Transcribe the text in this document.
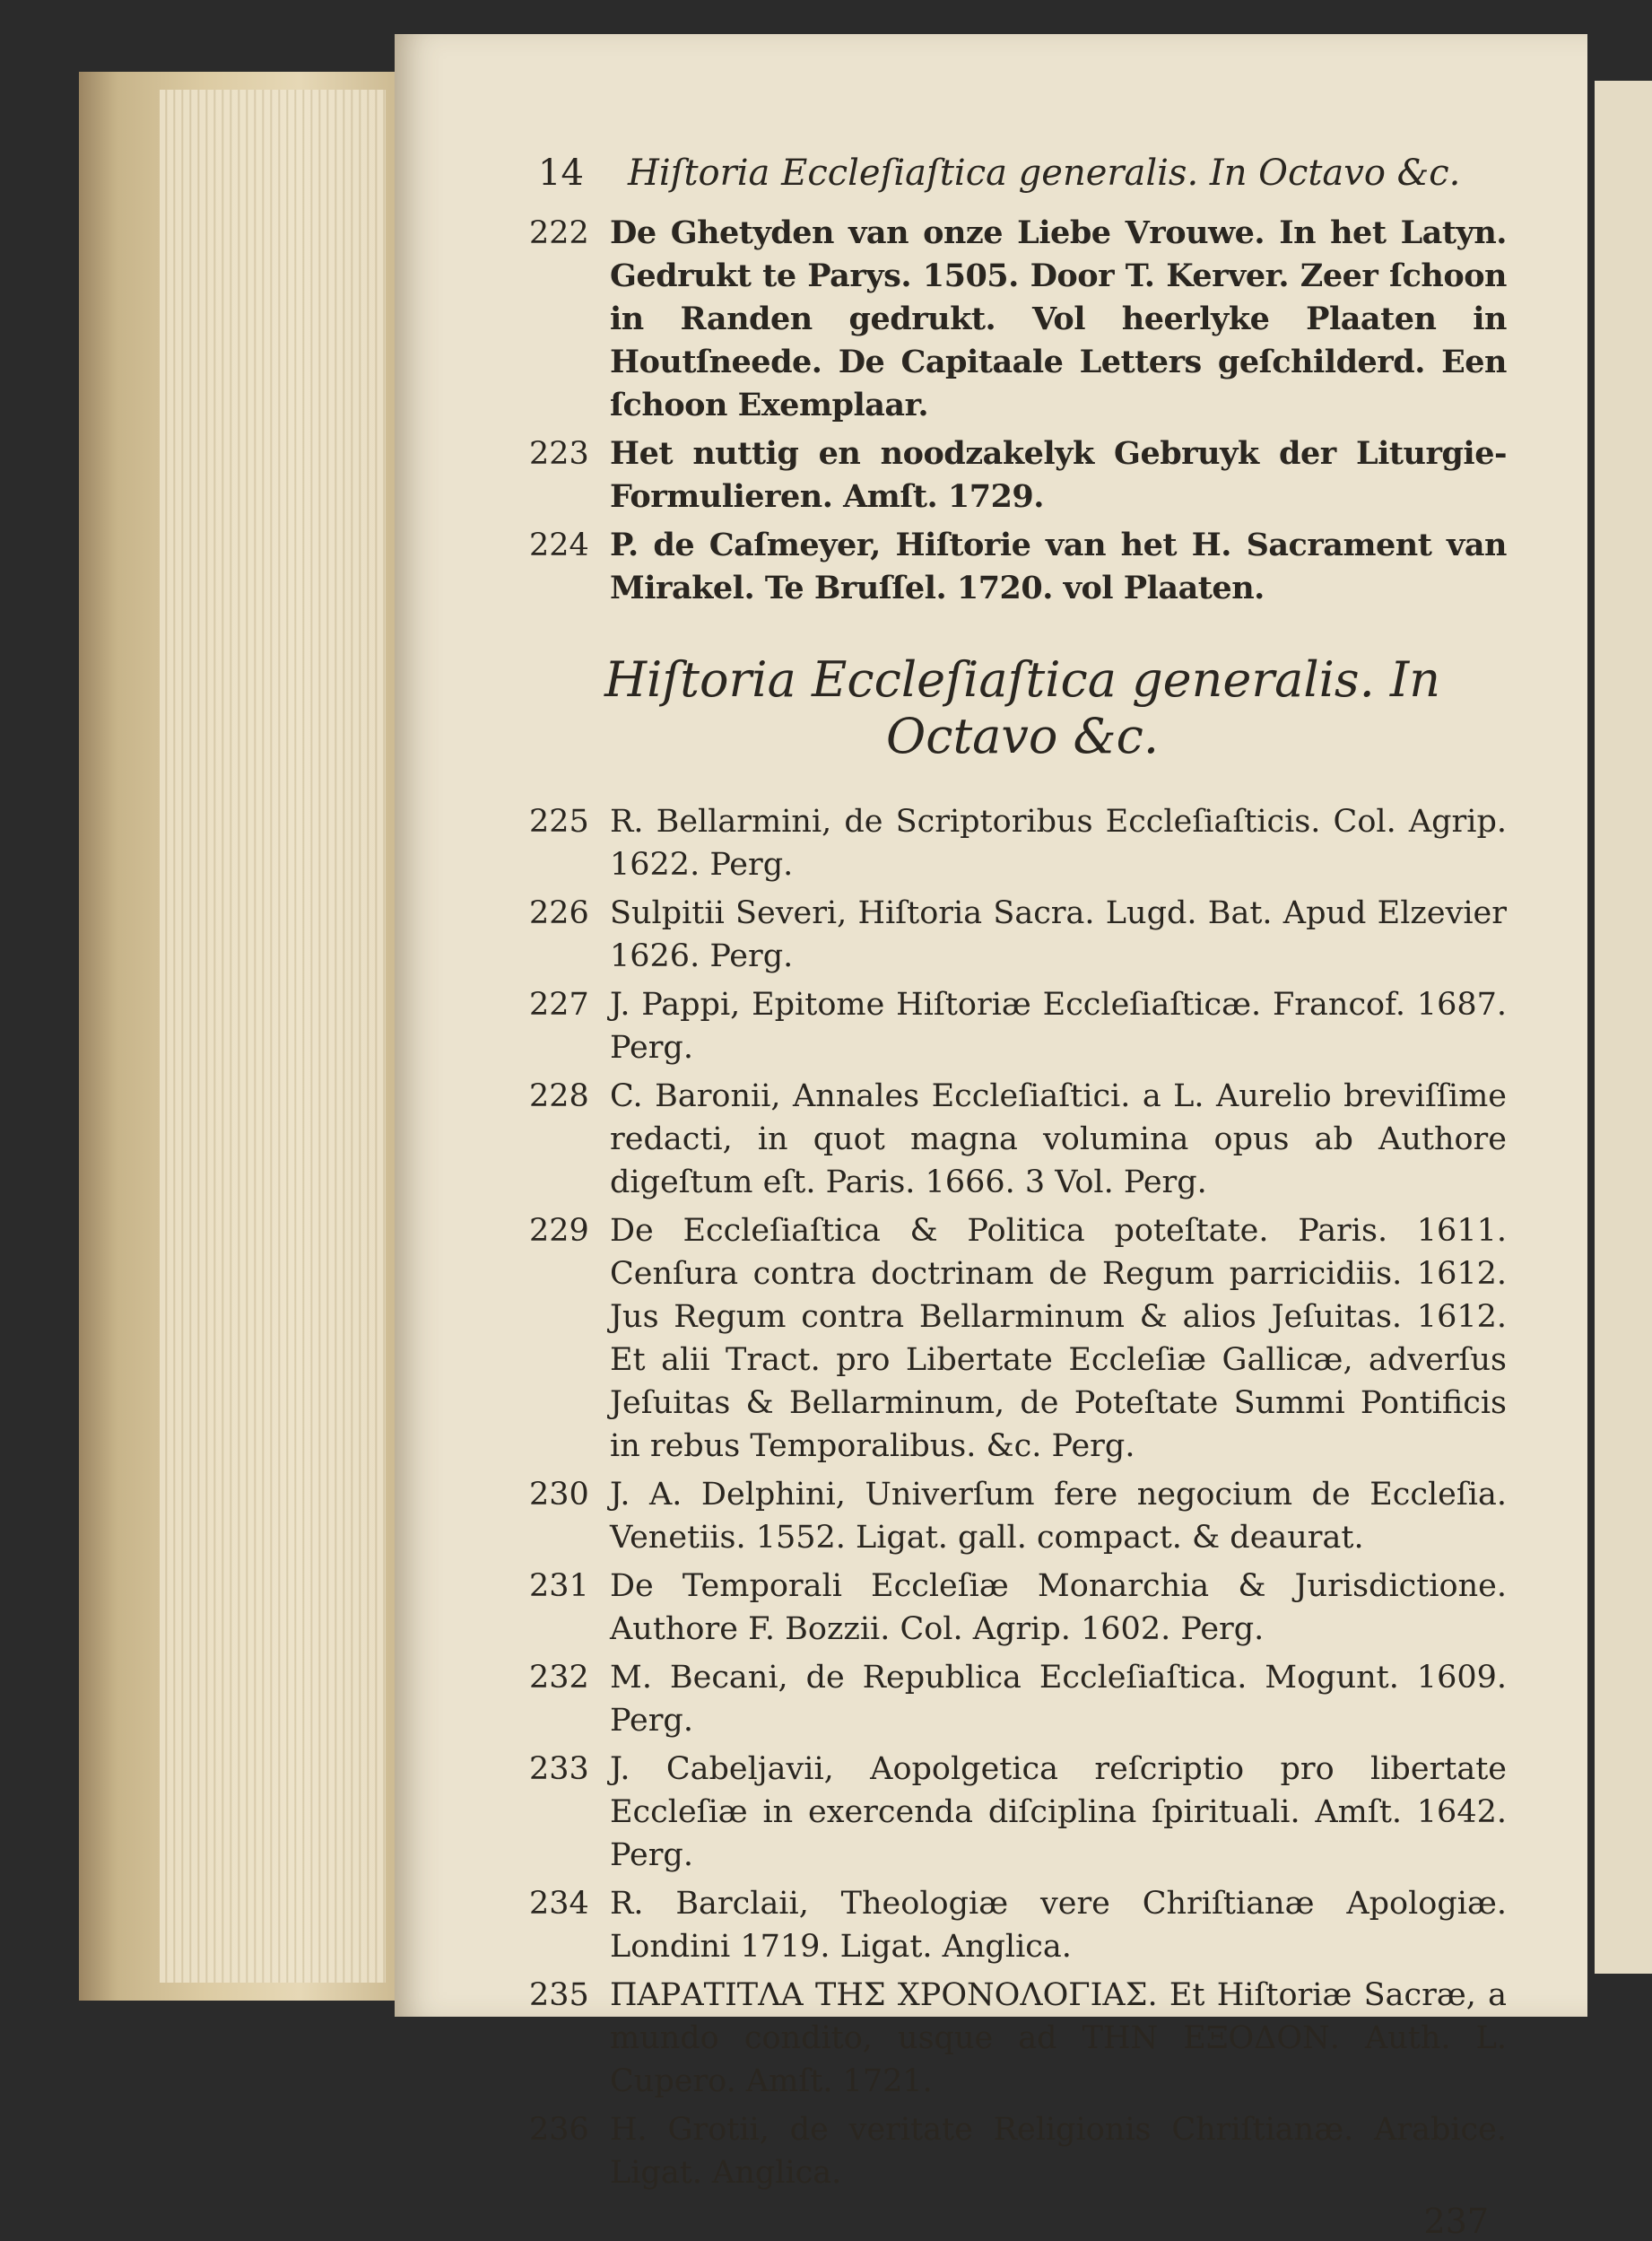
14 Hiſtoria Eccleſiaſtica generalis. In Octavo &c.
222 De Ghetyden van onze Liebe Vrouwe. In het Latyn. Gedrukt te Parys. 1505. Door T. Kerver. Zeer ſchoon in Randen gedrukt. Vol heerlyke Plaaten in Houtſneede. De Capitaale Letters geſchilderd. Een ſchoon Exemplaar.
223 Het nuttig en noodzakelyk Gebruyk der Liturgie-Formulieren. Amſt. 1729.
224 P. de Caſmeyer, Hiſtorie van het H. Sacrament van Mirakel. Te Bruſſel. 1720. vol Plaaten.
Hiſtoria Eccleſiaſtica generalis. In Octavo &c.
225 R. Bellarmini, de Scriptoribus Eccleſiaſticis. Col. Agrip. 1622. Perg.
226 Sulpitii Severi, Hiſtoria Sacra. Lugd. Bat. Apud Elzevier 1626. Perg.
227 J. Pappi, Epitome Hiſtoriæ Eccleſiaſticæ. Francof. 1687. Perg.
228 C. Baronii, Annales Eccleſiaſtici. a L. Aurelio breviſſime redacti, in quot magna volumina opus ab Authore digeſtum eſt. Paris. 1666. 3 Vol. Perg.
229 De Eccleſiaſtica & Politica poteſtate. Paris. 1611. Cenſura contra doctrinam de Regum parricidiis. 1612. Jus Regum contra Bellarminum & alios Jeſuitas. 1612. Et alii Tract. pro Libertate Eccleſiæ Gallicæ, adverſus Jeſuitas & Bellarminum, de Poteſtate Summi Pontificis in rebus Temporalibus. &c. Perg.
230 J. A. Delphini, Univerſum fere negocium de Eccleſia. Venetiis. 1552. Ligat. gall. compact. & deaurat.
231 De Temporali Eccleſiæ Monarchia & Jurisdictione. Authore F. Bozzii. Col. Agrip. 1602. Perg.
232 M. Becani, de Republica Eccleſiaſtica. Mogunt. 1609. Perg.
233 J. Cabeljavii, Aopolgetica reſcriptio pro libertate Eccleſiæ in exercenda diſciplina ſpirituali. Amſt. 1642. Perg.
234 R. Barclaii, Theologiæ vere Chriſtianæ Apologiæ. Londini 1719. Ligat. Anglica.
235 ΠΑΡΑΤΙΤΛΑ ΤΗΣ ΧΡΟΝΟΛΟΓΙΑΣ. Et Hiſtoriæ Sacræ, a mundo condito, usque ad ΤΗΝ ΕΞΟΔΟΝ. Auth. L. Cupero. Amſt. 1721.
236 H. Grotii, de veritate Religionis Chriſtianæ. Arabice. Ligat. Anglica.
237
